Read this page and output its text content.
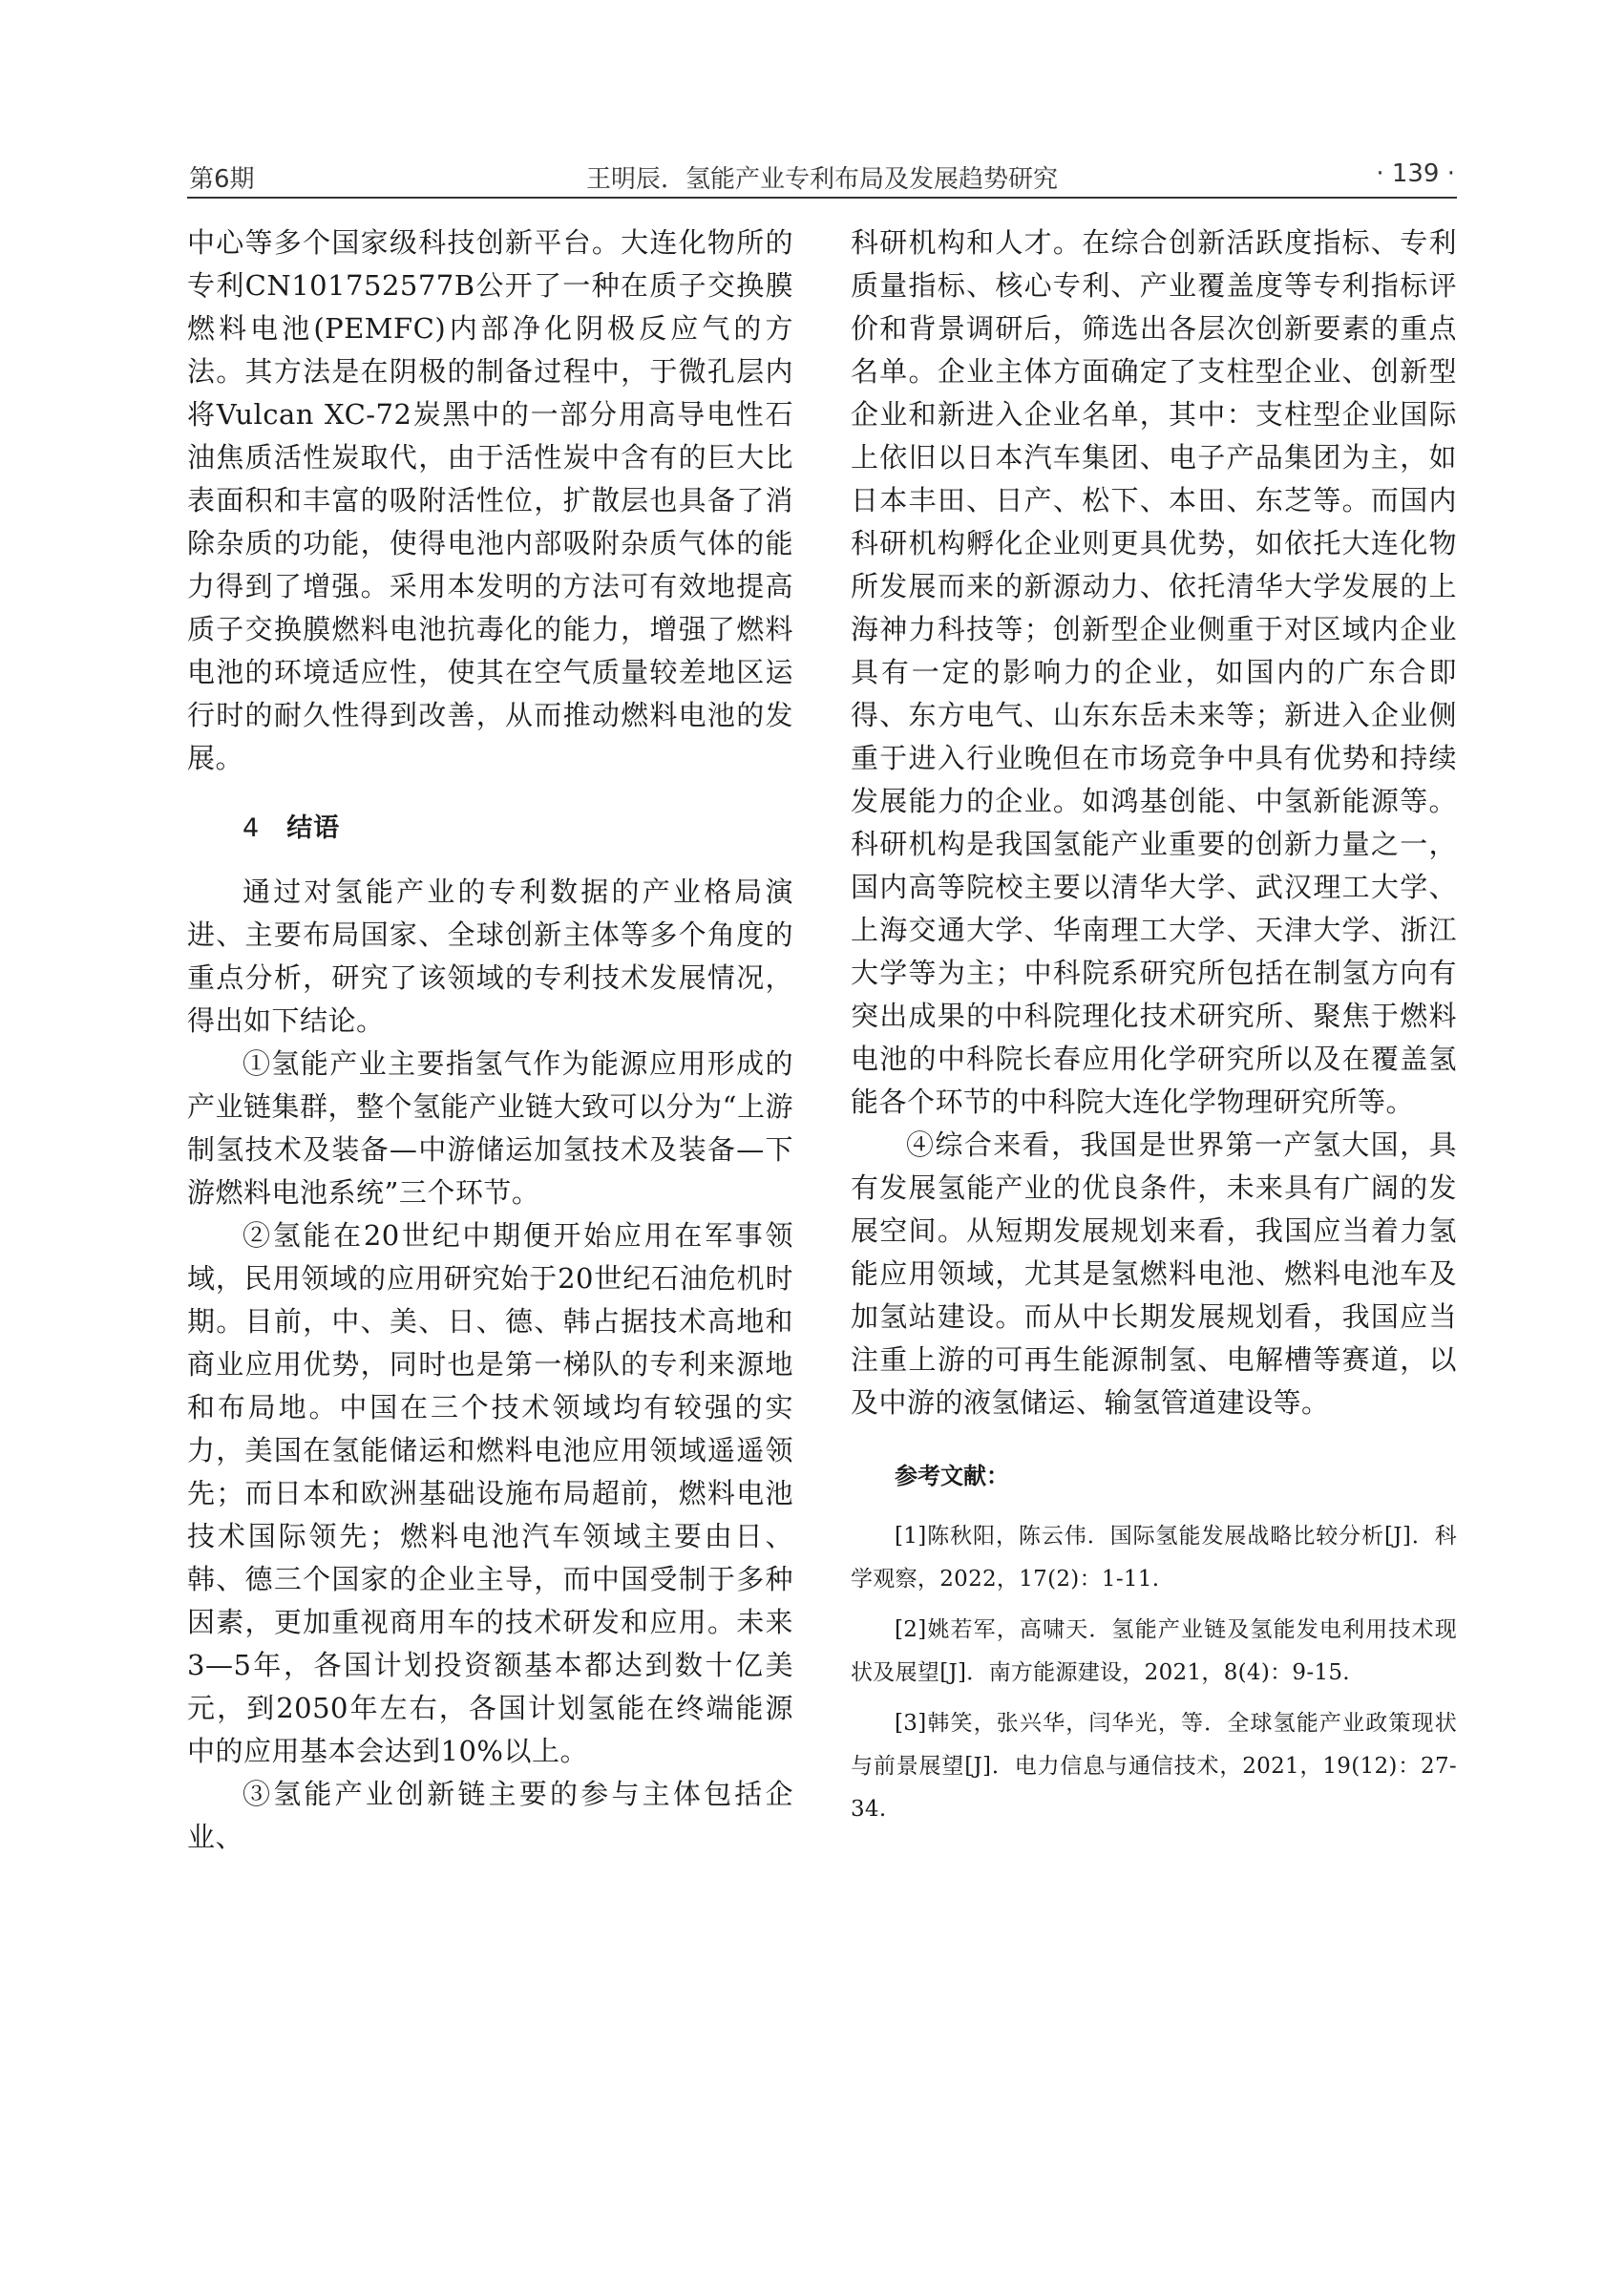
第6期	王明辰．氢能产业专利布局及发展趋势研究	· 139 ·

中心等多个国家级科技创新平台。大连化物所的专利CN101752577B公开了一种在质子交换膜燃料电池(PEMFC)内部净化阴极反应气的方法。其方法是在阴极的制备过程中，于微孔层内将Vulcan XC-72炭黑中的一部分用高导电性石油焦质活性炭取代，由于活性炭中含有的巨大比表面积和丰富的吸附活性位，扩散层也具备了消除杂质的功能，使得电池内部吸附杂质气体的能力得到了增强。采用本发明的方法可有效地提高质子交换膜燃料电池抗毒化的能力，增强了燃料电池的环境适应性，使其在空气质量较差地区运行时的耐久性得到改善，从而推动燃料电池的发展。

4 结语

通过对氢能产业的专利数据的产业格局演进、主要布局国家、全球创新主体等多个角度的重点分析，研究了该领域的专利技术发展情况，得出如下结论。

①氢能产业主要指氢气作为能源应用形成的产业链集群，整个氢能产业链大致可以分为“上游制氢技术及装备—中游储运加氢技术及装备—下游燃料电池系统”三个环节。

②氢能在20世纪中期便开始应用在军事领域，民用领域的应用研究始于20世纪石油危机时期。目前，中、美、日、德、韩占据技术高地和商业应用优势，同时也是第一梯队的专利来源地和布局地。中国在三个技术领域均有较强的实力，美国在氢能储运和燃料电池应用领域遥遥领先；而日本和欧洲基础设施布局超前，燃料电池技术国际领先；燃料电池汽车领域主要由日、韩、德三个国家的企业主导，而中国受制于多种因素，更加重视商用车的技术研发和应用。未来3—5年，各国计划投资额基本都达到数十亿美元，到2050年左右，各国计划氢能在终端能源中的应用基本会达到10%以上。

③氢能产业创新链主要的参与主体包括企业、

科研机构和人才。在综合创新活跃度指标、专利质量指标、核心专利、产业覆盖度等专利指标评价和背景调研后，筛选出各层次创新要素的重点名单。企业主体方面确定了支柱型企业、创新型企业和新进入企业名单，其中：支柱型企业国际上依旧以日本汽车集团、电子产品集团为主，如日本丰田、日产、松下、本田、东芝等。而国内科研机构孵化企业则更具优势，如依托大连化物所发展而来的新源动力、依托清华大学发展的上海神力科技等；创新型企业侧重于对区域内企业具有一定的影响力的企业，如国内的广东合即得、东方电气、山东东岳未来等；新进入企业侧重于进入行业晚但在市场竞争中具有优势和持续发展能力的企业。如鸿基创能、中氢新能源等。科研机构是我国氢能产业重要的创新力量之一，国内高等院校主要以清华大学、武汉理工大学、上海交通大学、华南理工大学、天津大学、浙江大学等为主；中科院系研究所包括在制氢方向有突出成果的中科院理化技术研究所、聚焦于燃料电池的中科院长春应用化学研究所以及在覆盖氢能各个环节的中科院大连化学物理研究所等。

④综合来看，我国是世界第一产氢大国，具有发展氢能产业的优良条件，未来具有广阔的发展空间。从短期发展规划来看，我国应当着力氢能应用领域，尤其是氢燃料电池、燃料电池车及加氢站建设。而从中长期发展规划看，我国应当注重上游的可再生能源制氢、电解槽等赛道，以及中游的液氢储运、输氢管道建设等。

参考文献：

[1]陈秋阳，陈云伟．国际氢能发展战略比较分析[J]．科学观察，2022，17(2)：1-11.

[2]姚若军，高啸天．氢能产业链及氢能发电利用技术现状及展望[J]．南方能源建设，2021，8(4)：9-15.

[3]韩笑，张兴华，闫华光，等．全球氢能产业政策现状与前景展望[J]．电力信息与通信技术，2021，19(12)：27-34.
